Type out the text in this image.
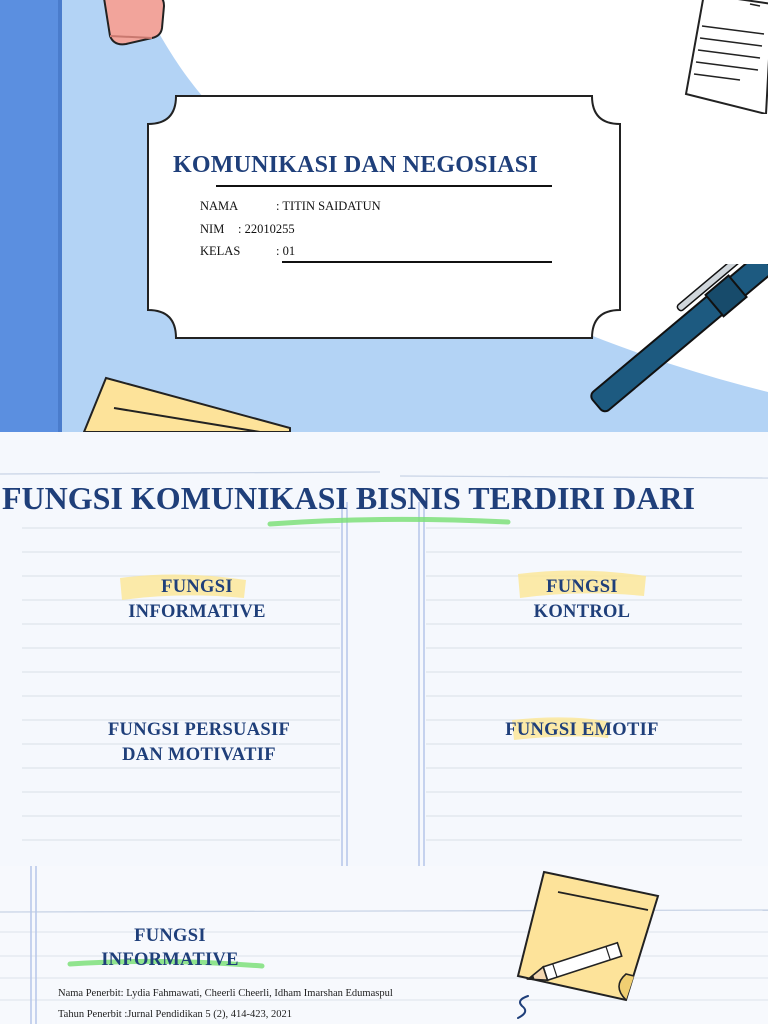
KOMUNIKASI DAN NEGOSIASI
NAMA	: TITIN SAIDATUN
NIM : 22010255
KELAS	: 01
FUNGSI KOMUNIKASI BISNIS TERDIRI DARI
FUNGSI
INFORMATIVE
FUNGSI
KONTROL
FUNGSI PERSUASIF
DAN MOTIVATIF
FUNGSI EMOTIF
FUNGSI
INFORMATIVE
Nama Penerbit: Lydia Fahmawati, Cheerli Cheerli, Idham Imarshan Edumaspul
Tahun Penerbit :Jurnal Pendidikan 5 (2), 414-423, 2021
